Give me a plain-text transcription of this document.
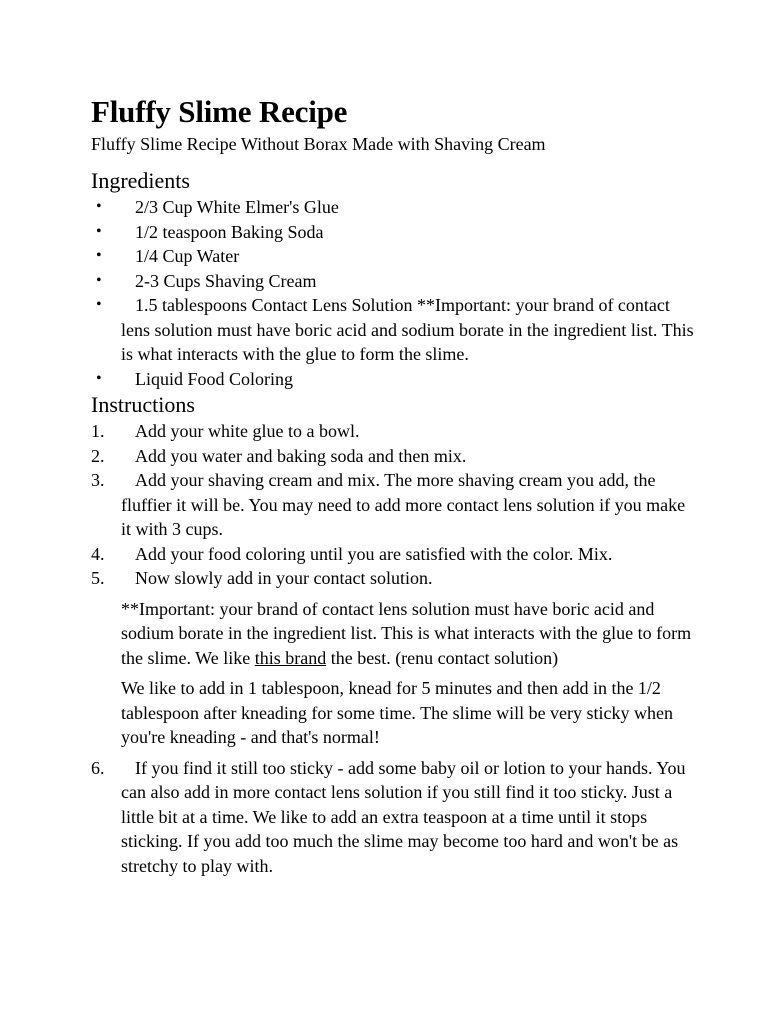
Fluffy Slime Recipe

Fluffy Slime Recipe Without Borax Made with Shaving Cream

Ingredients
•	2/3 Cup White Elmer's Glue
•	1/2 teaspoon Baking Soda
•	1/4 Cup Water
•	2-3 Cups Shaving Cream
•	1.5 tablespoons Contact Lens Solution **Important: your brand of contact lens solution must have boric acid and sodium borate in the ingredient list. This is what interacts with the glue to form the slime.
•	Liquid Food Coloring
Instructions
1.	Add your white glue to a bowl.
2.	Add you water and baking soda and then mix.
3.	Add your shaving cream and mix. The more shaving cream you add, the fluffier it will be. You may need to add more contact lens solution if you make it with 3 cups.
4.	Add your food coloring until you are satisfied with the color. Mix.
5.	Now slowly add in your contact solution.

**Important: your brand of contact lens solution must have boric acid and sodium borate in the ingredient list. This is what interacts with the glue to form the slime. We like this brand the best. (renu contact solution)

We like to add in 1 tablespoon, knead for 5 minutes and then add in the 1/2 tablespoon after kneading for some time. The slime will be very sticky when you're kneading - and that's normal!

6.	If you find it still too sticky - add some baby oil or lotion to your hands. You can also add in more contact lens solution if you still find it too sticky. Just a little bit at a time. We like to add an extra teaspoon at a time until it stops sticking. If you add too much the slime may become too hard and won't be as stretchy to play with.
